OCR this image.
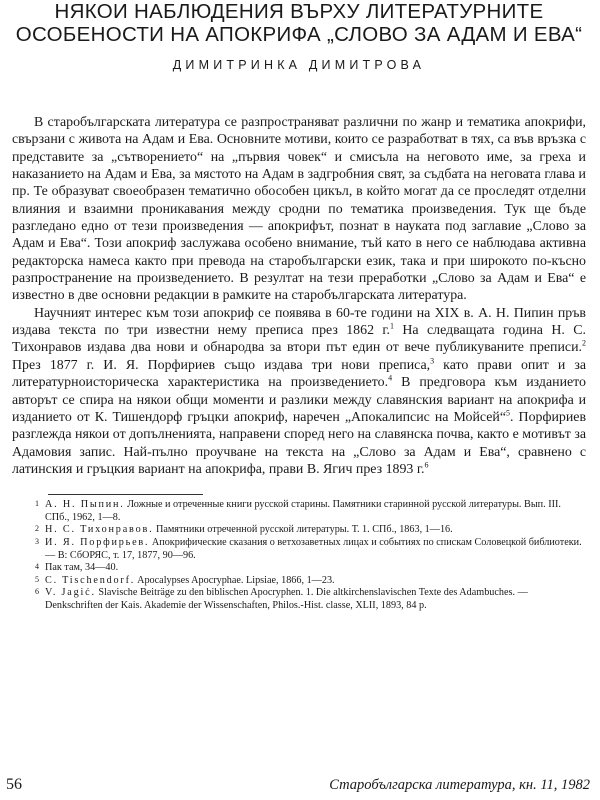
НЯКОИ НАБЛЮДЕНИЯ ВЪРХУ ЛИТЕРАТУРНИТЕ
ОСОБЕНОСТИ НА АПОКРИФА „СЛОВО ЗА АДАМ И ЕВА“
ДИМИТРИНКА ДИМИТРОВА

В старобългарската литература се разпространяват различни по жанр и тематика апокрифи, свързани с живота на Адам и Ева. Основните мотиви, които се разработват в тях, са във връзка с представите за „сътворението“ на „първия човек“ и смисъла на неговото име, за греха и наказанието на Адам и Ева, за мястото на Адам в задгробния свят, за съдбата на неговата глава и пр. Те образуват своеобразен тематично обособен цикъл, в който могат да се проследят отделни влияния и взаимни проникавания между сродни по тематика произведения. Тук ще бъде разгледано едно от тези произведения — апокрифът, познат в науката под заглавие „Слово за Адам и Ева“. Този апокриф заслужава особено внимание, тъй като в него се наблюдава активна редакторска намеса както при превода на старобългарски език, така и при широкото по-късно разпространение на произведението. В резултат на тези преработки „Слово за Адам и Ева“ е известно в две основни редакции в рамките на старобългарската литература.

Научният интерес към този апокриф се появява в 60-те години на XIX в. А. Н. Пипин пръв издава текста по три известни нему преписа през 1862 г.$^1$ На следващата година Н. С. Тихонравов издава два нови и обнародва за втори път един от вече публикуваните преписи.$^2$ През 1877 г. И. Я. Порфириев също издава три нови преписа,$^3$ като прави опит и за литературноисторическа характеристика на произведението.$^4$ В предговора към изданието авторът се спира на някои общи моменти и разлики между славянския вариант на апокрифа и изданието от К. Тишендорф гръцки апокриф, наречен „Апокалипсис на Мойсей“$^5$. Порфириев разглежда някои от допълненията, направени според него на славянска почва, както е мотивът за Адамовия запис. Най-пълно проучване на текста на „Слово за Адам и Ева“, сравнено с латинския и гръцкия вариант на апокрифа, прави В. Ягич през 1893 г.$^6$

1 А. Н. Пыпин. Ложные и отреченные книги русской старины. Памятники старинной русской литературы. Вып. III. СПб., 1962, 1—8.

2 Н. С. Тихонравов. Памятники отреченной русской литературы. Т. 1. СПб., 1863, 1—16.

3 И. Я. Порфирьев. Апокрифические сказания о ветхозаветных лицах и событиях по спискам Соловецкой библиотеки. — В: СбОРЯС, т. 17, 1877, 90—96.

4 Пак там, 34—40.

5 C. Tischendorf. Apocalypses Apocryphae. Lipsiae, 1866, 1—23.

6 V. Jagić. Slavische Beiträge zu den biblischen Apocryphen. 1. Die altkirchenslavischen Texte des Adambuches. — Denkschriften der Kais. Akademie der Wissenschaften, Philos.-Hist. classe, XLII, 1893, 84 p.

56	Старобългарска литература, кн. 11, 1982
